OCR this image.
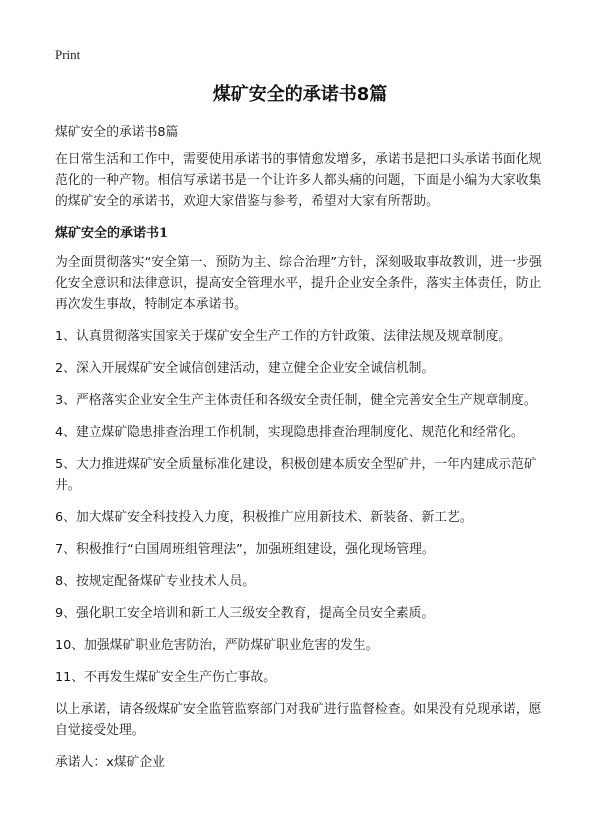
Print
煤矿安全的承诺书8篇

煤矿安全的承诺书8篇

在日常生活和工作中，需要使用承诺书的事情愈发增多，承诺书是把口头承诺书面化规范化的一种产物。相信写承诺书是一个让许多人都头痛的问题，下面是小编为大家收集的煤矿安全的承诺书，欢迎大家借鉴与参考，希望对大家有所帮助。

煤矿安全的承诺书1

为全面贯彻落实“安全第一、预防为主、综合治理”方针，深刻吸取事故教训，进一步强化安全意识和法律意识，提高安全管理水平，提升企业安全条件，落实主体责任，防止再次发生事故，特制定本承诺书。

1、认真贯彻落实国家关于煤矿安全生产工作的方针政策、法律法规及规章制度。

2、深入开展煤矿安全诚信创建活动，建立健全企业安全诚信机制。

3、严格落实企业安全生产主体责任和各级安全责任制，健全完善安全生产规章制度。

4、建立煤矿隐患排查治理工作机制，实现隐患排查治理制度化、规范化和经常化。

5、大力推进煤矿安全质量标准化建设，积极创建本质安全型矿井，一年内建成示范矿井。

6、加大煤矿安全科技投入力度，积极推广应用新技术、新装备、新工艺。

7、积极推行“白国周班组管理法”，加强班组建设，强化现场管理。

8、按规定配备煤矿专业技术人员。

9、强化职工安全培训和新工人三级安全教育，提高全员安全素质。

10、加强煤矿职业危害防治，严防煤矿职业危害的发生。

11、不再发生煤矿安全生产伤亡事故。

以上承诺，请各级煤矿安全监管监察部门对我矿进行监督检查。如果没有兑现承诺，愿自觉接受处理。

承诺人：x煤矿企业
